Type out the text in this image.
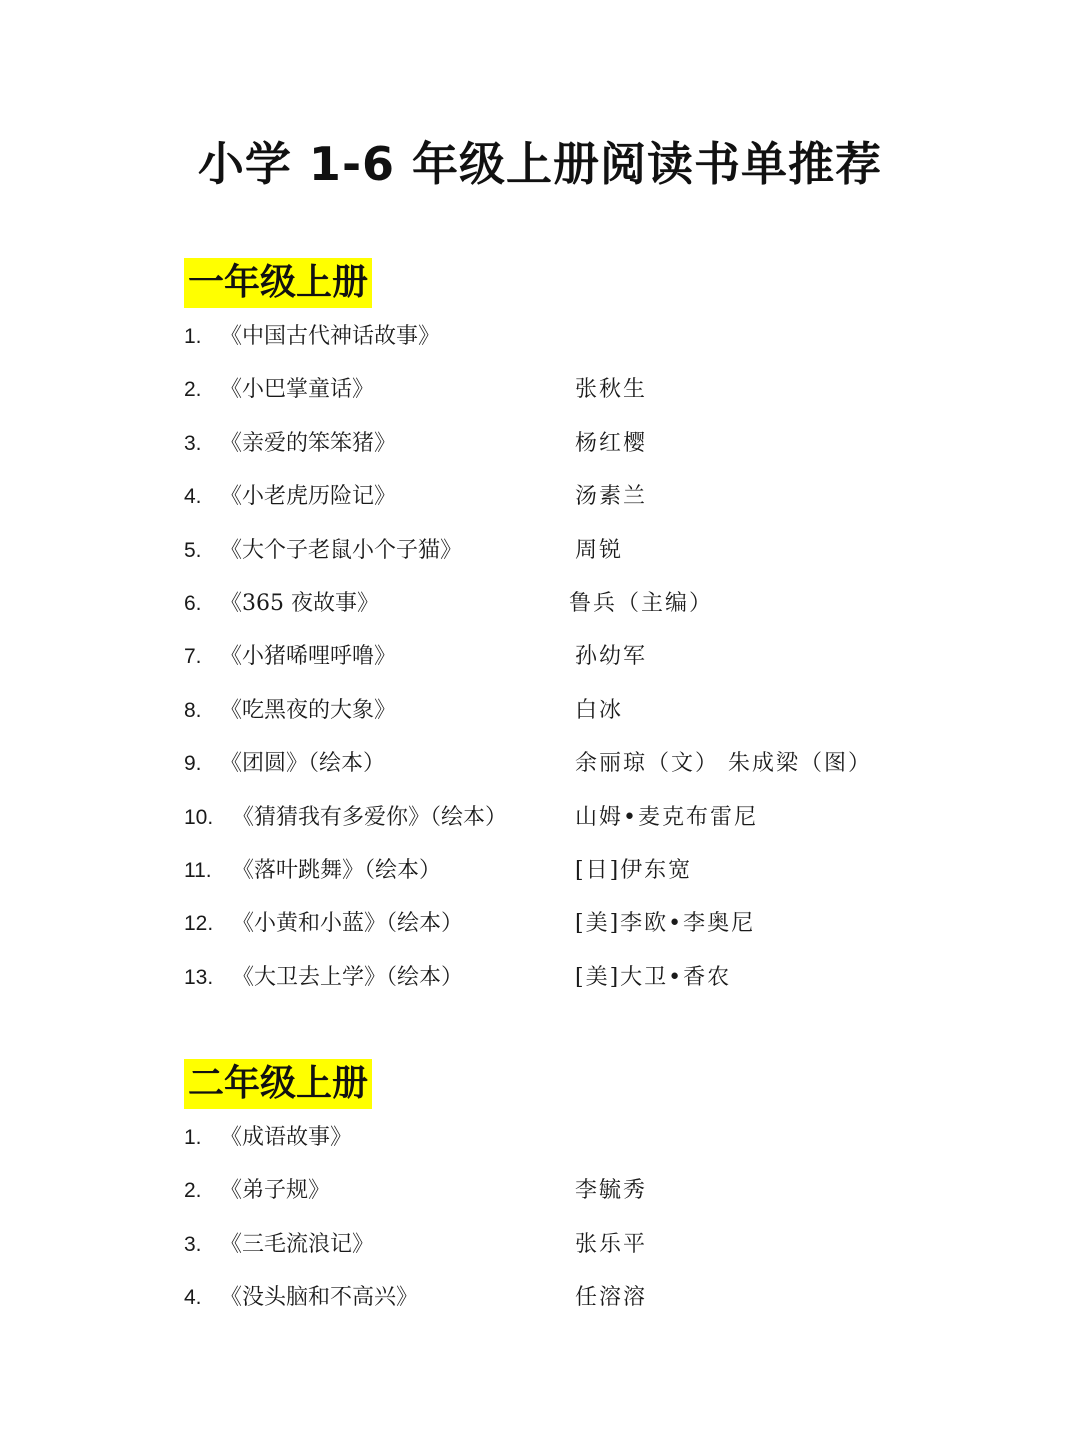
小学 1-6 年级上册阅读书单推荐
一年级上册
1. 《中国古代神话故事》
2. 《小巴掌童话》	张秋生
3. 《亲爱的笨笨猪》	杨红樱
4. 《小老虎历险记》	汤素兰
5. 《大个子老鼠小个子猫》	周锐
6. 《365 夜故事》	鲁兵（主编）
7. 《小猪唏哩呼噜》	孙幼军
8. 《吃黑夜的大象》	白冰
9. 《团圆》（绘本）	余丽琼（文） 朱成梁（图）
10. 《猜猜我有多爱你》（绘本）	山姆•麦克布雷尼
11. 《落叶跳舞》（绘本）	[日]伊东宽
12. 《小黄和小蓝》（绘本）	[美]李欧•李奥尼
13. 《大卫去上学》（绘本）	[美]大卫•香农
二年级上册
1. 《成语故事》
2. 《弟子规》	李毓秀
3. 《三毛流浪记》	张乐平
4. 《没头脑和不高兴》	任溶溶
